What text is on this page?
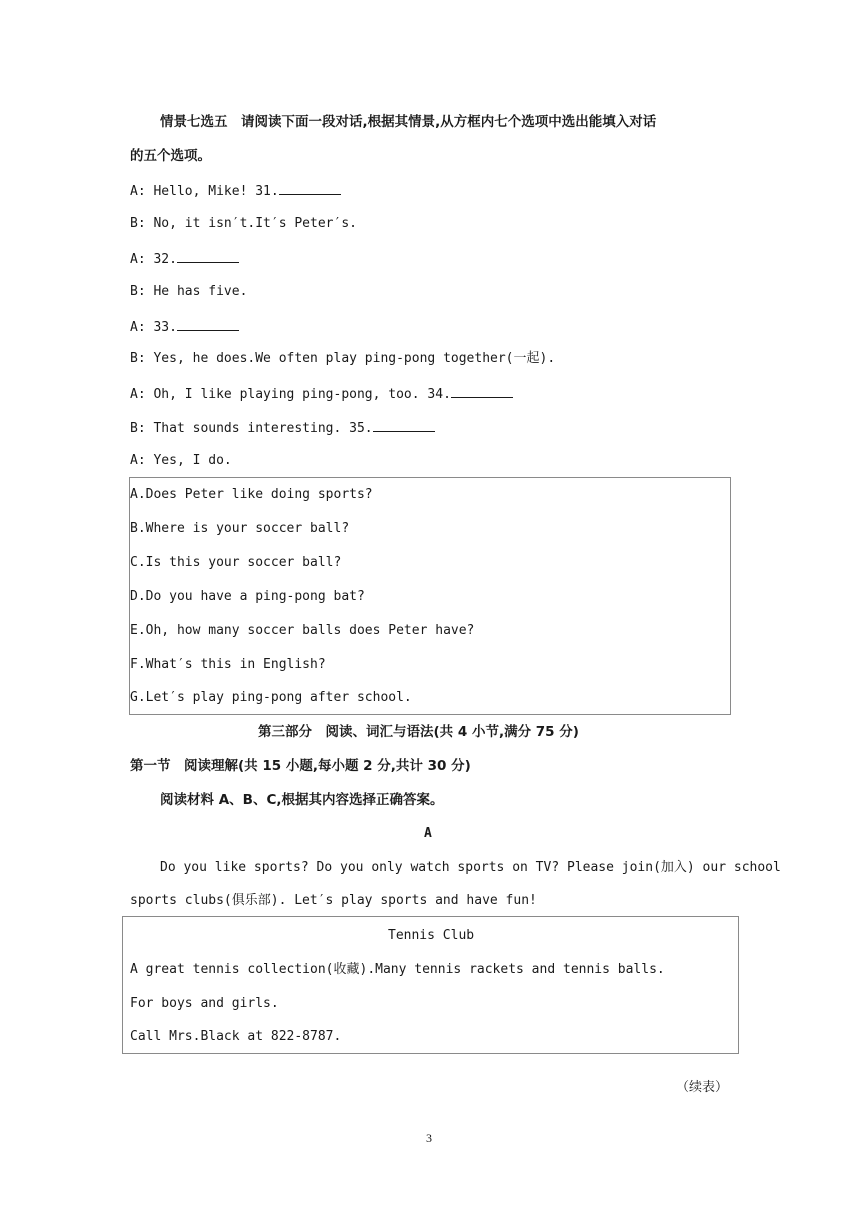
情景七选五　请阅读下面一段对话,根据其情景,从方框内七个选项中选出能填入对话
的五个选项。
A: Hello, Mike! 31.
B: No, it isn′t.It′s Peter′s.
A: 32.
B: He has five.
A: 33.
B: Yes, he does.We often play ping-pong together(一起).
A: Oh, I like playing ping-pong, too. 34.
B: That sounds interesting. 35.
A: Yes, I do.
A.Does Peter like doing sports?
B.Where is your soccer ball?
C.Is this your soccer ball?
D.Do you have a ping-pong bat?
E.Oh, how many soccer balls does Peter have?
F.What′s this in English?
G.Let′s play ping-pong after school.
第三部分　阅读、词汇与语法(共 4 小节,满分 75 分)
第一节　阅读理解(共 15 小题,每小题 2 分,共计 30 分)
阅读材料 A、B、C,根据其内容选择正确答案。
A
Do you like sports? Do you only watch sports on TV? Please join(加入) our school
sports clubs(俱乐部). Let′s play sports and have fun!
Tennis Club
A great tennis collection(收藏).Many tennis rackets and tennis balls.
For boys and girls.
Call Mrs.Black at 822-8787.
（续表）
3
